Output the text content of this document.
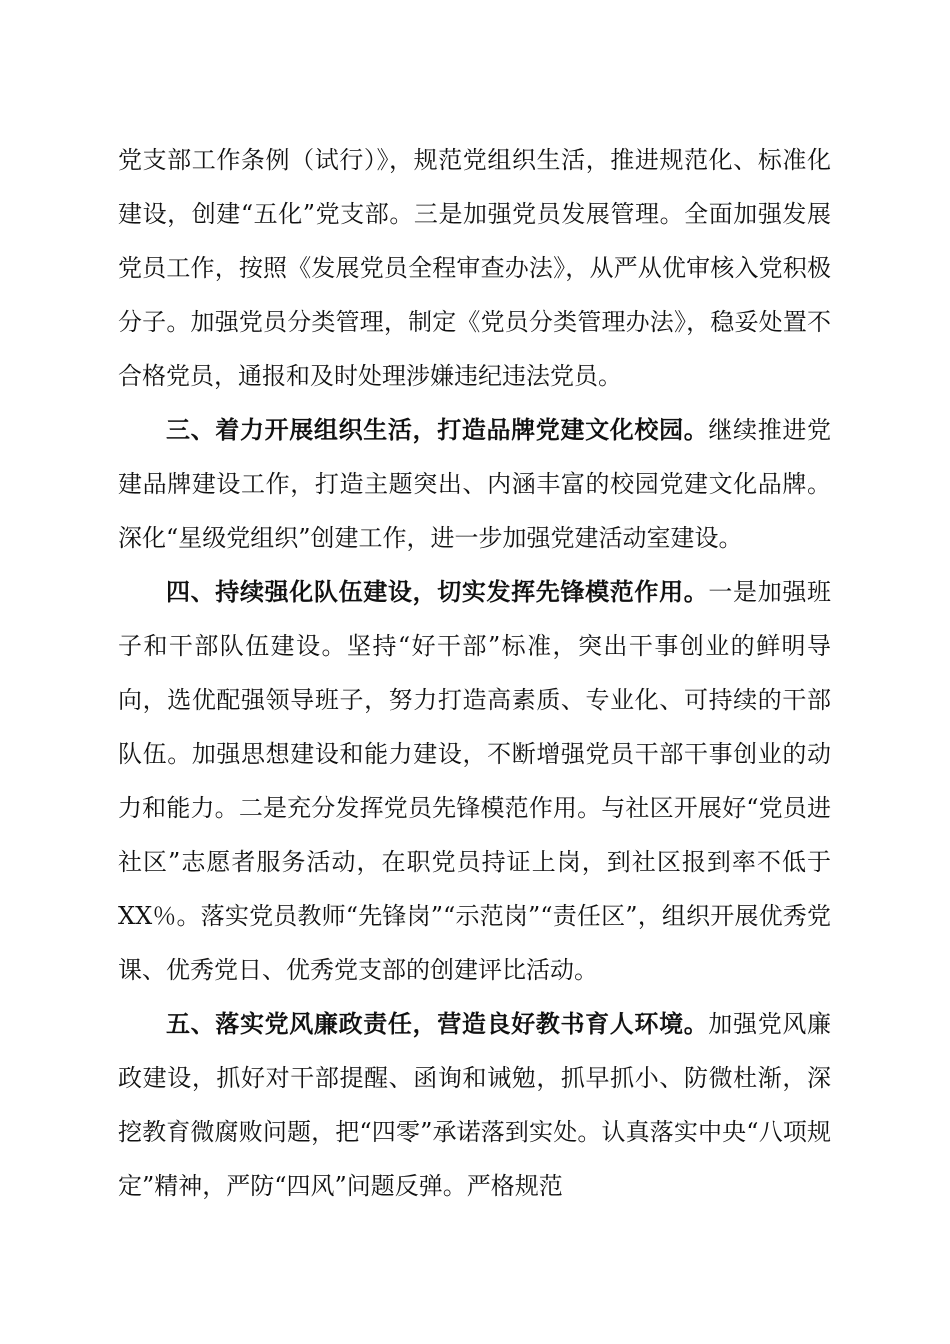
党支部工作条例（试行）》，规范党组织生活，推进规范化、标准化建设，创建“五化”党支部。三是加强党员发展管理。全面加强发展党员工作，按照《发展党员全程审查办法》，从严从优审核入党积极分子。加强党员分类管理，制定《党员分类管理办法》，稳妥处置不合格党员，通报和及时处理涉嫌违纪违法党员。

三、着力开展组织生活，打造品牌党建文化校园。继续推进党建品牌建设工作，打造主题突出、内涵丰富的校园党建文化品牌。深化“星级党组织”创建工作，进一步加强党建活动室建设。

四、持续强化队伍建设，切实发挥先锋模范作用。一是加强班子和干部队伍建设。坚持“好干部”标准，突出干事创业的鲜明导向，选优配强领导班子，努力打造高素质、专业化、可持续的干部队伍。加强思想建设和能力建设，不断增强党员干部干事创业的动力和能力。二是充分发挥党员先锋模范作用。与社区开展好“党员进社区”志愿者服务活动，在职党员持证上岗，到社区报到率不低于XX％。落实党员教师“先锋岗”“示范岗”“责任区”，组织开展优秀党课、优秀党日、优秀党支部的创建评比活动。

五、落实党风廉政责任，营造良好教书育人环境。加强党风廉政建设，抓好对干部提醒、函询和诫勉，抓早抓小、防微杜渐，深挖教育微腐败问题，把“四零”承诺落到实处。认真落实中央“八项规定”精神，严防“四风”问题反弹。严格规范
